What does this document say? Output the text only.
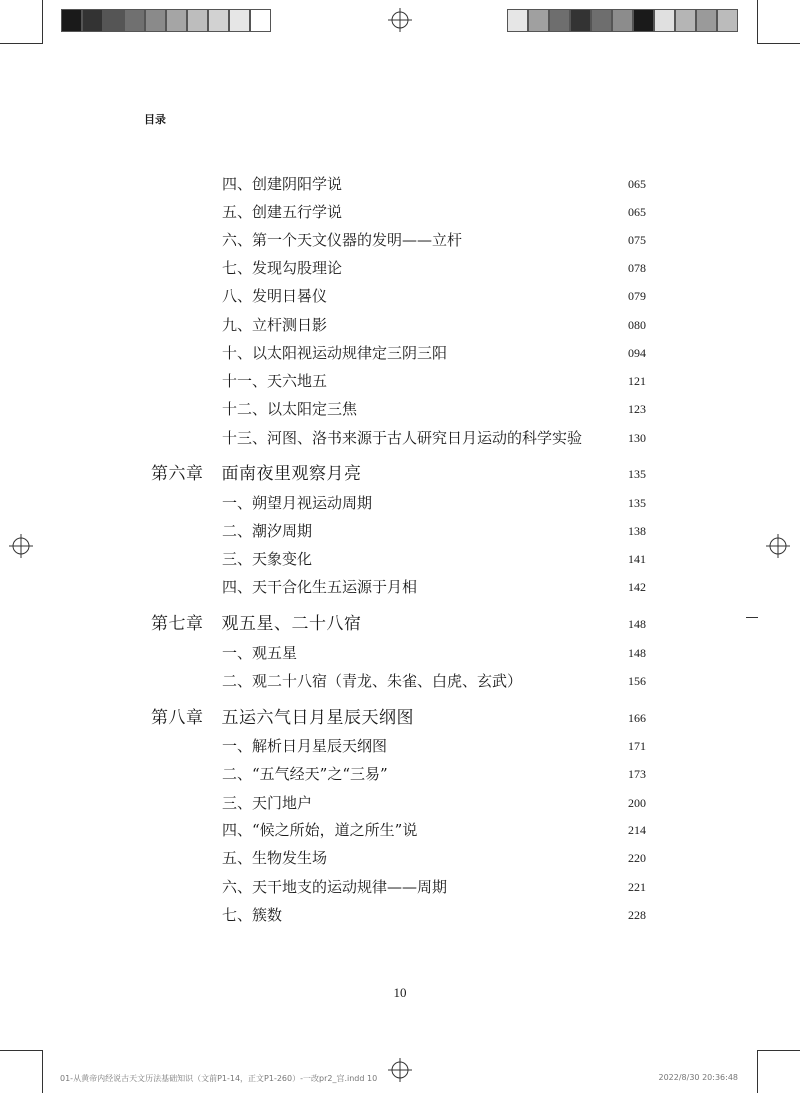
目录
四、创建阴阳学说	065
五、创建五行学说	065
六、第一个天文仪器的发明——立杆	075
七、发现勾股理论	078
八、发明日晷仪	079
九、立杆测日影	080
十、以太阳视运动规律定三阴三阳	094
十一、天六地五	121
十二、以太阳定三焦	123
十三、河图、洛书来源于古人研究日月运动的科学实验	130
第六章 面南夜里观察月亮	135
一、朔望月视运动周期	135
二、潮汐周期	138
三、天象变化	141
四、天干合化生五运源于月相	142
第七章 观五星、二十八宿	148
一、观五星	148
二、观二十八宿（青龙、朱雀、白虎、玄武）	156
第八章 五运六气日月星辰天纲图	166
一、解析日月星辰天纲图	171
二、“五气经天”之“三易”	173
三、天门地户	200
四、“候之所始，道之所生”说	214
五、生物发生场	220
六、天干地支的运动规律——周期	221
七、簇数	228
10
01-从黄帝内经说古天文历法基础知识（文前P1-14，正文P1-260）-一改pr2_宫.indd 10	2022/8/30 20:36:48
